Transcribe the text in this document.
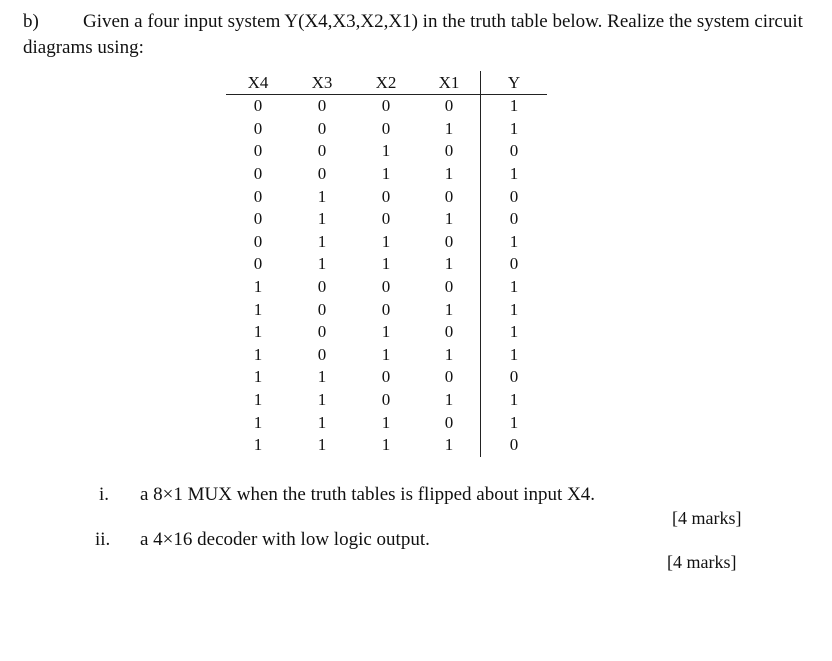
b) Given a four input system Y(X4,X3,X2,X1) in the truth table below. Realize the system circuit
diagrams using:
X4	X3	X2	X1	Y
0	0	0	0	1
0	0	0	1	1
0	0	1	0	0
0	0	1	1	1
0	1	0	0	0
0	1	0	1	0
0	1	1	0	1
0	1	1	1	0
1	0	0	0	1
1	0	0	1	1
1	0	1	0	1
1	0	1	1	1
1	1	0	0	0
1	1	0	1	1
1	1	1	0	1
1	1	1	1	0
i. a 8×1 MUX when the truth tables is flipped about input X4.
[4 marks]
ii. a 4×16 decoder with low logic output.
[4 marks]
